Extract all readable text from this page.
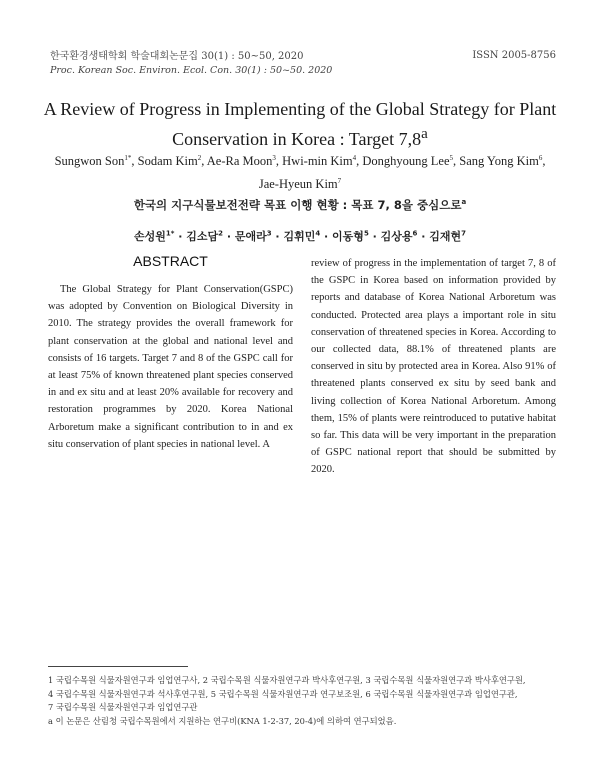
한국환경생태학회 학술대회논문집 30(1) : 50~50, 2020
Proc. Korean Soc. Environ. Ecol. Con. 30(1) : 50~50. 2020
ISSN 2005-8756
A Review of Progress in Implementing of the Global Strategy for Plant
Conservation in Korea : Target 7,8$^a$
Sungwon Son$^{1*}$, Sodam Kim$^2$, Ae-Ra Moon$^3$, Hwi-min Kim$^4$, Donghyoung Lee$^5$, Sang Yong Kim$^6$,
Jae-Hyeun Kim$^7$
한국의 지구식물보전전략 목표 이행 현황 : 목표 7, 8을 중심으로$^a$
손성원$^{1*}$ · 김소담$^2$ · 문애라$^3$ · 김휘민$^4$ · 이동형$^5$ · 김상용$^6$ · 김재현$^7$
ABSTRACT
The Global Strategy for Plant Conservation(GSPC) was adopted by Convention on Biological Diversity in 2010. The strategy provides the overall framework for plant conservation at the global and national level and consists of 16 targets. Target 7 and 8 of the GSPC call for at least 75% of known threatened plant species conserved in and ex situ and at least 20% available for recovery and restoration programmes by 2020. Korea National Arboretum make a significant contribution to in and ex situ conservation of plant species in national level. A
review of progress in the implementation of target 7, 8 of the GSPC in Korea based on information provided by reports and database of Korea National Arboretum was conducted. Protected area plays a important role in situ conservation of threatened species in Korea. According to our collected data, 88.1% of threatened plants are conserved in situ by protected area in Korea. Also 91% of threatened plants conserved ex situ by seed bank and living collection of Korea National Arboretum. Among them, 15% of plants were reintroduced to putative habitat so far. This data will be very important in the preparation of GSPC national report that should be submitted by 2020.
1 국립수목원 식물자원연구과 임업연구사, 2 국립수목원 식물자원연구과 박사후연구원, 3 국립수목원 식물자원연구과 박사후연구원,
4 국립수목원 식물자원연구과 석사후연구원, 5 국립수목원 식물자원연구과 연구보조원, 6 국립수목원 식물자원연구과 임업연구관,
7 국립수목원 식물자원연구과 임업연구관
a 이 논문은 산림청 국립수목원에서 지원하는 연구비(KNA 1-2-37, 20-4)에 의하여 연구되었음.
